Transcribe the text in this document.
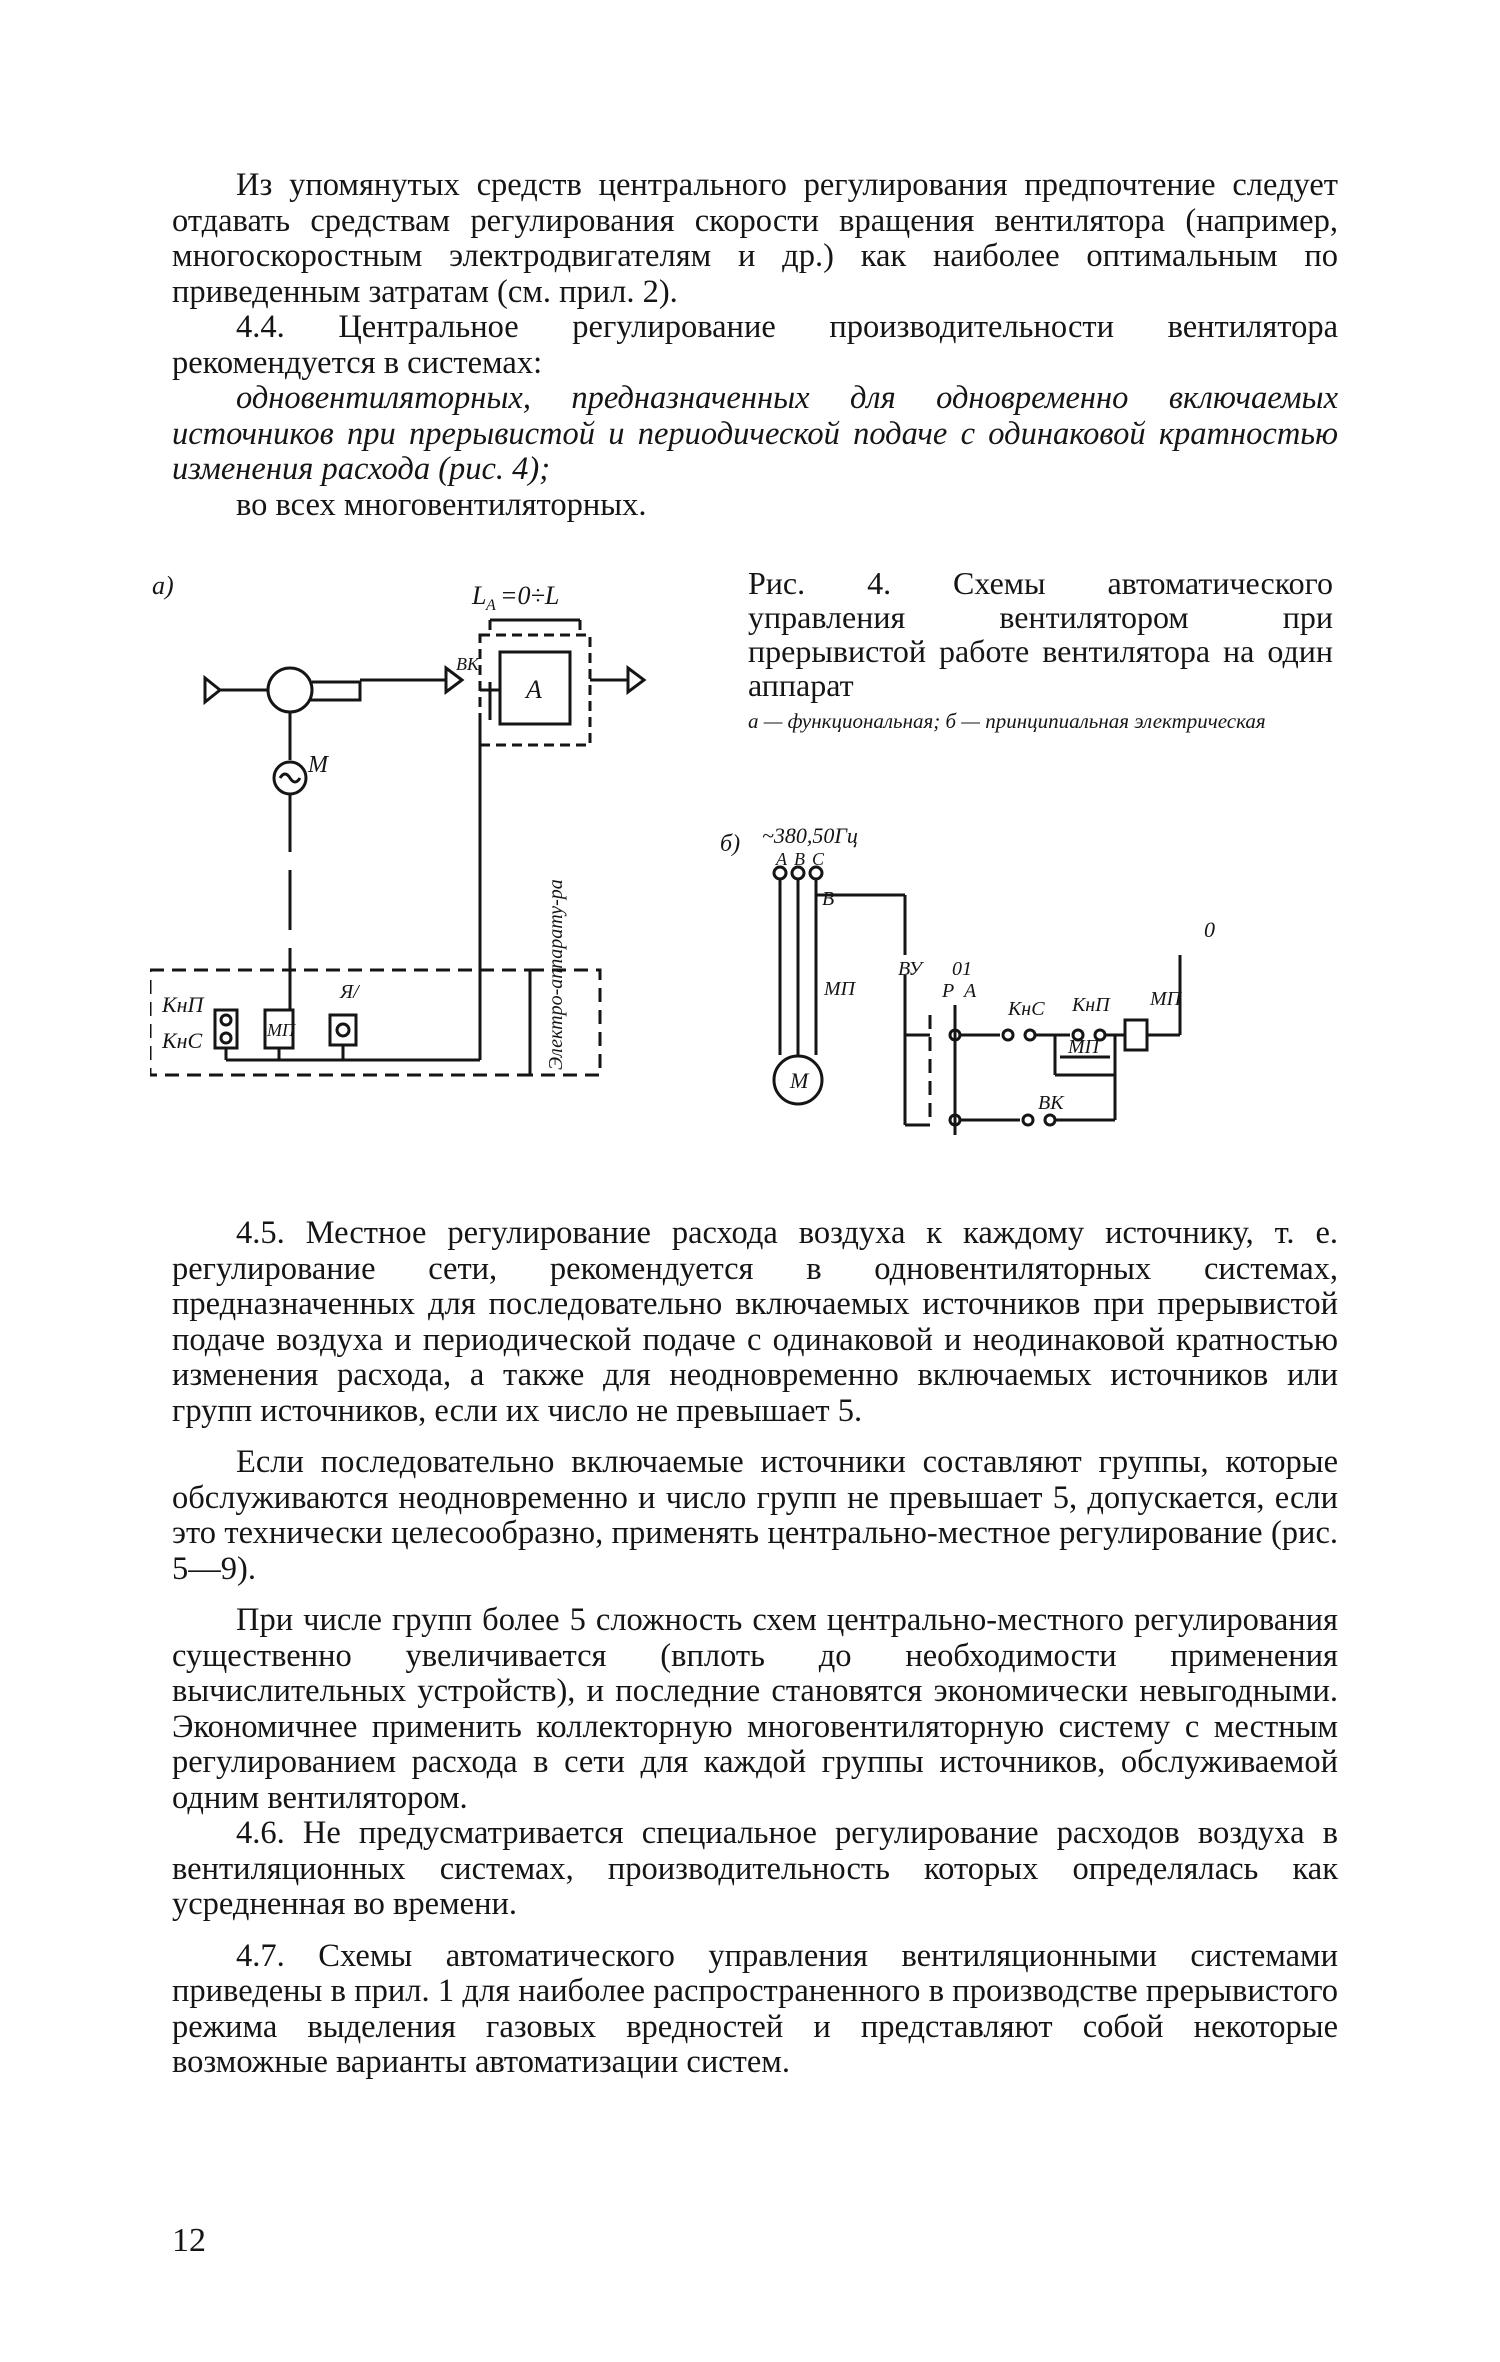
Из упомянутых средств центрального регулирования предпочтение следует отдавать средствам регулирования скорости вращения вентилятора (например, многоскоростным электродвигателям и др.) как наиболее оптимальным по приведенным затратам (см. прил. 2).

4.4. Центральное регулирование производительности вентилятора рекомендуется в системах:

одновентиляторных, предназначенных для одновременно включаемых источников при прерывистой и периодической подаче с одинаковой кратностью изменения расхода (рис. 4);

во всех многовентиляторных.

а)	L A =0÷L
ВК
A
M
КнП
КнС	МП
Я/	Электро-аппарату-ра

Рис. 4. Схемы автоматического управления вентилятором при прерывистой работе вентилятора на один аппарат

а — функциональная; б — принципиальная электрическая

б) ~380,50Гц
A B C
В
0
МП
ВУ 01
Р А
КнС КнП МП
МП
ВК
М

4.5. Местное регулирование расхода воздуха к каждому источнику, т. е. регулирование сети, рекомендуется в одновентиляторных системах, предназначенных для последовательно включаемых источников при прерывистой подаче воздуха и периодической подаче с одинаковой и неодинаковой кратностью изменения расхода, а также для неодновременно включаемых источников или групп источников, если их число не превышает 5.

Если последовательно включаемые источники составляют группы, которые обслуживаются неодновременно и число групп не превышает 5, допускается, если это технически целесообразно, применять центрально-местное регулирование (рис. 5—9).

При числе групп более 5 сложность схем центрально-местного регулирования существенно увеличивается (вплоть до необходимости применения вычислительных устройств), и последние становятся экономически невыгодными. Экономичнее применить коллекторную многовентиляторную систему с местным регулированием расхода в сети для каждой группы источников, обслуживаемой одним вентилятором.

4.6. Не предусматривается специальное регулирование расходов воздуха в вентиляционных системах, производительность которых определялась как усредненная во времени.

4.7. Схемы автоматического управления вентиляционными системами приведены в прил. 1 для наиболее распространенного в производстве прерывистого режима выделения газовых вредностей и представляют собой некоторые возможные варианты автоматизации систем.

12
